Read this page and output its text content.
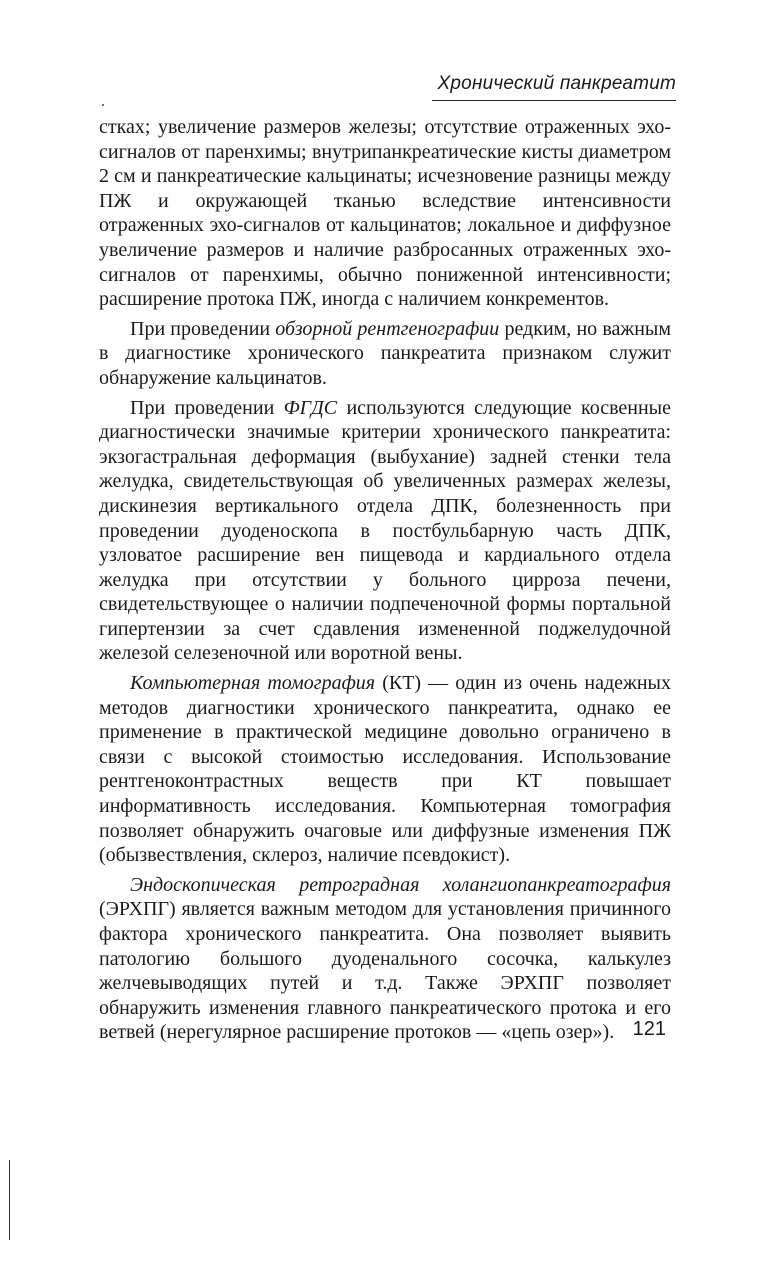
Хронический панкреатит

стках; увеличение размеров железы; отсутствие отраженных эхо-сигналов от паренхимы; внутрипанкреатические кисты диаметром 2 см и панкреатические кальцинаты; исчезновение разницы между ПЖ и окружающей тканью вследствие интенсивности отраженных эхо-сигналов от кальцинатов; локальное и диффузное увеличение размеров и наличие разбросанных отраженных эхо-сигналов от паренхимы, обычно пониженной интенсивности; расширение протока ПЖ, иногда с наличием конкрементов.

При проведении обзорной рентгенографии редким, но важным в диагностике хронического панкреатита признаком служит обнаружение кальцинатов.

При проведении ФГДС используются следующие косвенные диагностически значимые критерии хронического панкреатита: экзогастральная деформация (выбухание) задней стенки тела желудка, свидетельствующая об увеличенных размерах железы, дискинезия вертикального отдела ДПК, болезненность при проведении дуоденоскопа в постбульбарную часть ДПК, узловатое расширение вен пищевода и кардиального отдела желудка при отсутствии у больного цирроза печени, свидетельствующее о наличии подпеченочной формы портальной гипертензии за счет сдавления измененной поджелудочной железой селезеночной или воротной вены.

Компьютерная томография (КТ) — один из очень надежных методов диагностики хронического панкреатита, однако ее применение в практической медицине довольно ограничено в связи с высокой стоимостью исследования. Использование рентгеноконтрастных веществ при КТ повышает информативность исследования. Компьютерная томография позволяет обнаружить очаговые или диффузные изменения ПЖ (обызвествления, склероз, наличие псевдокист).

Эндоскопическая ретроградная холангиопанкреатография (ЭРХПГ) является важным методом для установления причинного фактора хронического панкреатита. Она позволяет выявить патологию большого дуоденального сосочка, калькулез желчевыводящих путей и т.д. Также ЭРХПГ позволяет обнаружить изменения главного панкреатического протока и его ветвей (нерегулярное расширение протоков — «цепь озер»). 121
